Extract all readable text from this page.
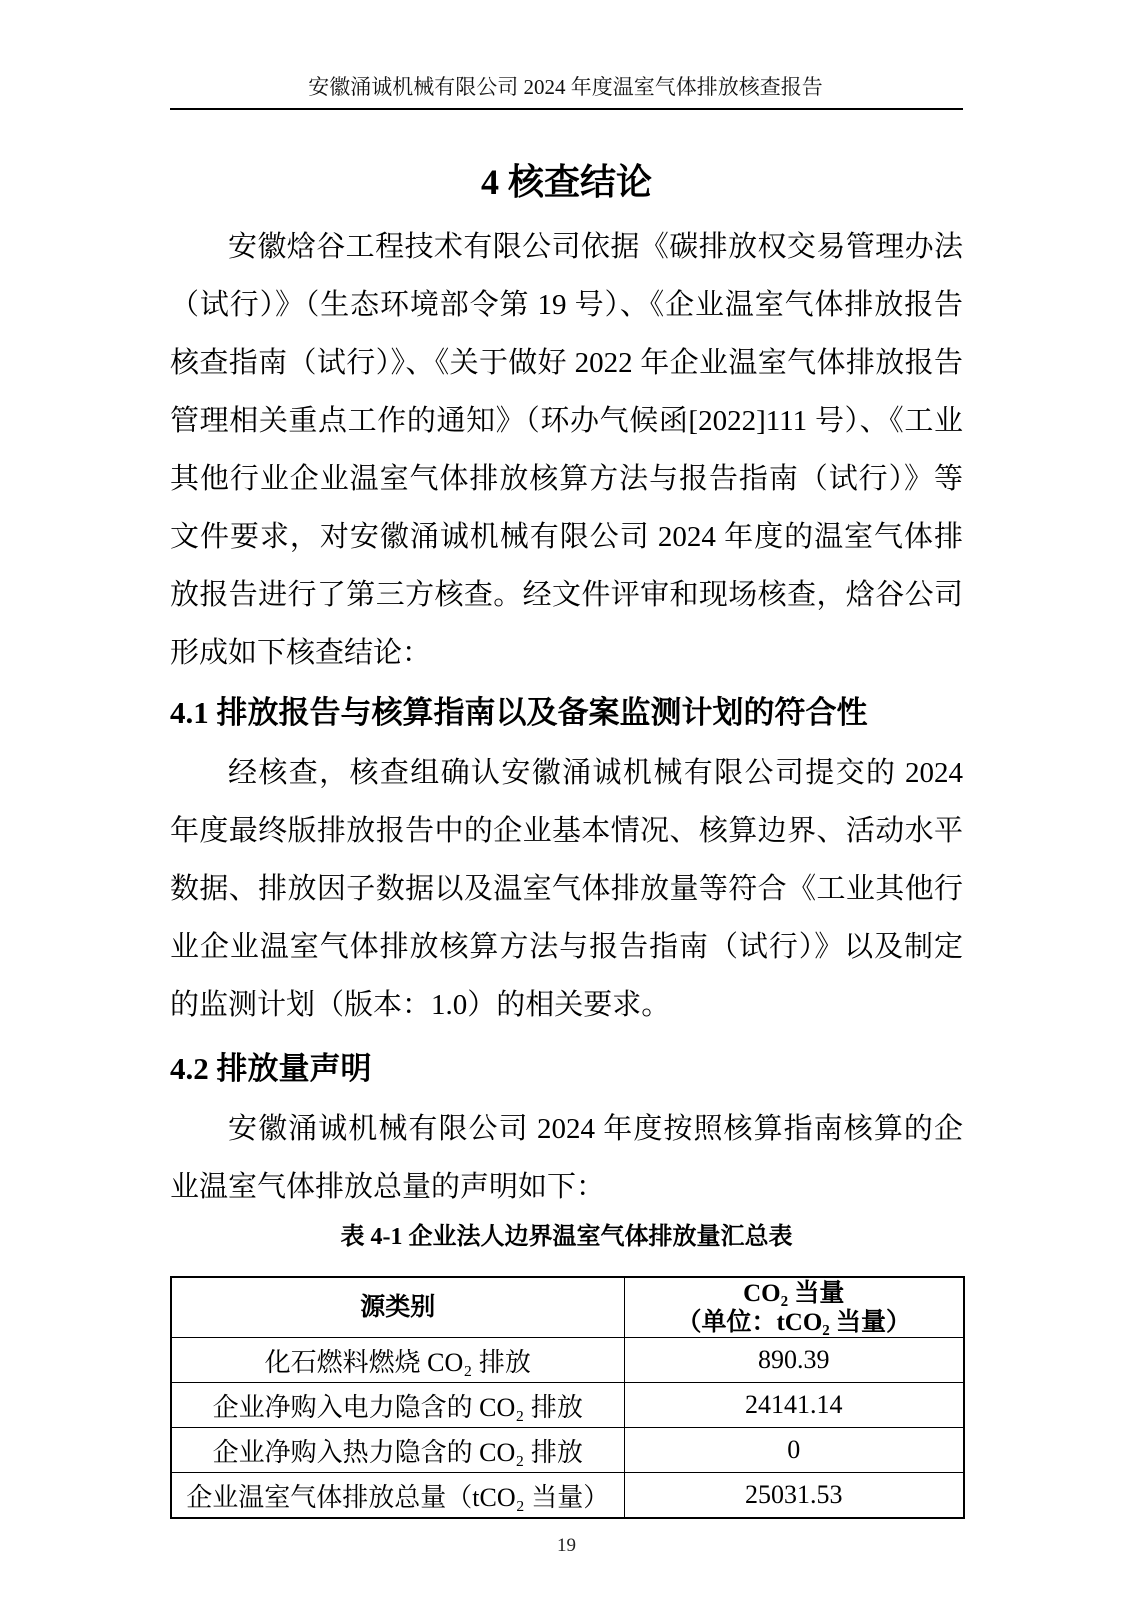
安徽涌诚机械有限公司 2024 年度温室气体排放核查报告
4 核查结论

安徽焓谷工程技术有限公司依据《碳排放权交易管理办法（试行）》（生态环境部令第 19 号）、《企业温室气体排放报告核查指南（试行）》、《关于做好 2022 年企业温室气体排放报告管理相关重点工作的通知》（环办气候函[2022]111 号）、《工业其他行业企业温室气体排放核算方法与报告指南（试行）》等文件要求，对安徽涌诚机械有限公司 2024 年度的温室气体排放报告进行了第三方核查。经文件评审和现场核查，焓谷公司形成如下核查结论：

4.1 排放报告与核算指南以及备案监测计划的符合性

经核查，核查组确认安徽涌诚机械有限公司提交的 2024 年度最终版排放报告中的企业基本情况、核算边界、活动水平数据、排放因子数据以及温室气体排放量等符合《工业其他行业企业温室气体排放核算方法与报告指南（试行）》以及制定的监测计划（版本：1.0）的相关要求。

4.2 排放量声明

安徽涌诚机械有限公司 2024 年度按照核算指南核算的企业温室气体排放总量的声明如下：

表 4-1 企业法人边界温室气体排放量汇总表
源类别	CO₂ 当量
（单位：tCO₂ 当量）

化石燃料燃烧 CO₂ 排放	890.39
企业净购入电力隐含的 CO₂ 排放	24141.14
企业净购入热力隐含的 CO₂ 排放	0
企业温室气体排放总量（tCO₂ 当量）	25031.53
19
